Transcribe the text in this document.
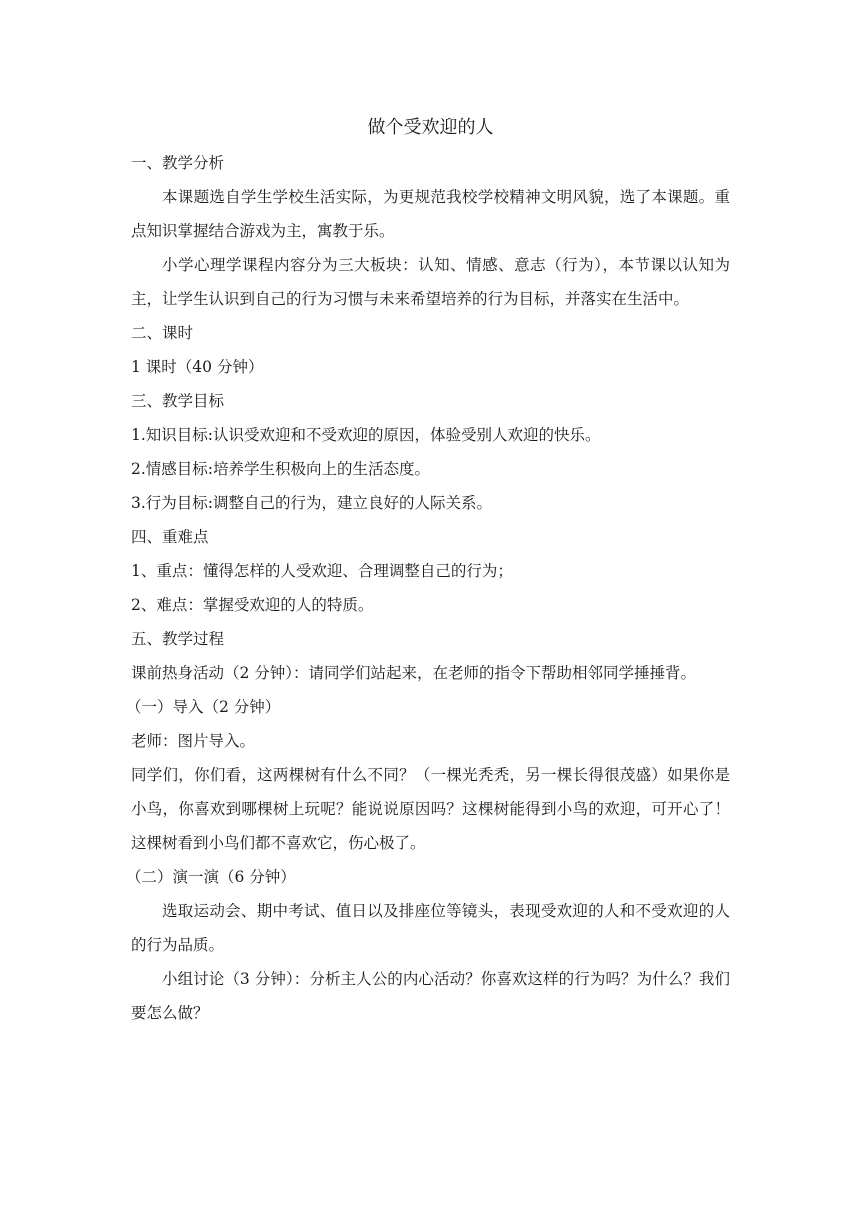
做个受欢迎的人

一、教学分析

本课题选自学生学校生活实际，为更规范我校学校精神文明风貌，选了本课题。重点知识掌握结合游戏为主，寓教于乐。

小学心理学课程内容分为三大板块：认知、情感、意志（行为），本节课以认知为主，让学生认识到自己的行为习惯与未来希望培养的行为目标，并落实在生活中。

二、课时

1 课时（40 分钟）

三、教学目标

1.知识目标:认识受欢迎和不受欢迎的原因，体验受别人欢迎的快乐。

2.情感目标:培养学生积极向上的生活态度。

3.行为目标:调整自己的行为，建立良好的人际关系。

四、重难点

1、重点：懂得怎样的人受欢迎、合理调整自己的行为；

2、难点：掌握受欢迎的人的特质。

五、教学过程

课前热身活动（2 分钟）：请同学们站起来，在老师的指令下帮助相邻同学捶捶背。

（一）导入（2 分钟）

老师：图片导入。

同学们，你们看，这两棵树有什么不同？（一棵光秃秃，另一棵长得很茂盛）如果你是小鸟，你喜欢到哪棵树上玩呢？能说说原因吗？这棵树能得到小鸟的欢迎，可开心了！这棵树看到小鸟们都不喜欢它，伤心极了。

（二）演一演（6 分钟）

选取运动会、期中考试、值日以及排座位等镜头，表现受欢迎的人和不受欢迎的人的行为品质。

小组讨论（3 分钟）：分析主人公的内心活动？你喜欢这样的行为吗？为什么？我们要怎么做？
